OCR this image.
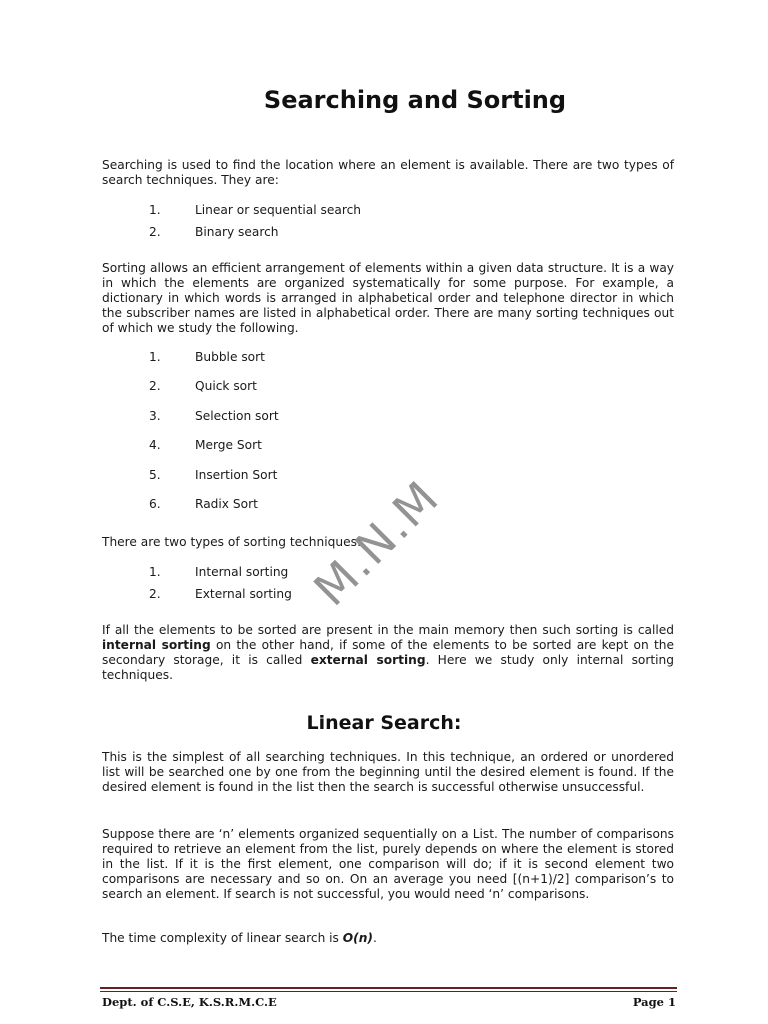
Searching and Sorting

Searching is used to find the location where an element is available. There are two types of search techniques. They are:

1.	Linear or sequential search
2.	Binary search

Sorting allows an efficient arrangement of elements within a given data structure. It is a way in which the elements are organized systematically for some purpose. For example, a dictionary in which words is arranged in alphabetical order and telephone director in which the subscriber names are listed in alphabetical order. There are many sorting techniques out of which we study the following.

1.	Bubble sort
2.	Quick sort
3.	Selection sort
4.	Merge Sort
5.	Insertion Sort
6.	Radix Sort

There are two types of sorting techniques:

1.	Internal sorting
2.	External sorting

If all the elements to be sorted are present in the main memory then such sorting is called internal sorting on the other hand, if some of the elements to be sorted are kept on the secondary storage, it is called external sorting. Here we study only internal sorting techniques.

Linear Search:

This is the simplest of all searching techniques. In this technique, an ordered or unordered list will be searched one by one from the beginning until the desired element is found. If the desired element is found in the list then the search is successful otherwise unsuccessful.

Suppose there are ‘n’ elements organized sequentially on a List. The number of comparisons required to retrieve an element from the list, purely depends on where the element is stored in the list. If it is the first element, one comparison will do; if it is second element two comparisons are necessary and so on. On an average you need [(n+1)/2] comparison’s to search an element. If search is not successful, you would need ‘n’ comparisons.

The time complexity of linear search is O(n).

M.N.M
Dept. of C.S.E, K.S.R.M.C.E	Page 1
